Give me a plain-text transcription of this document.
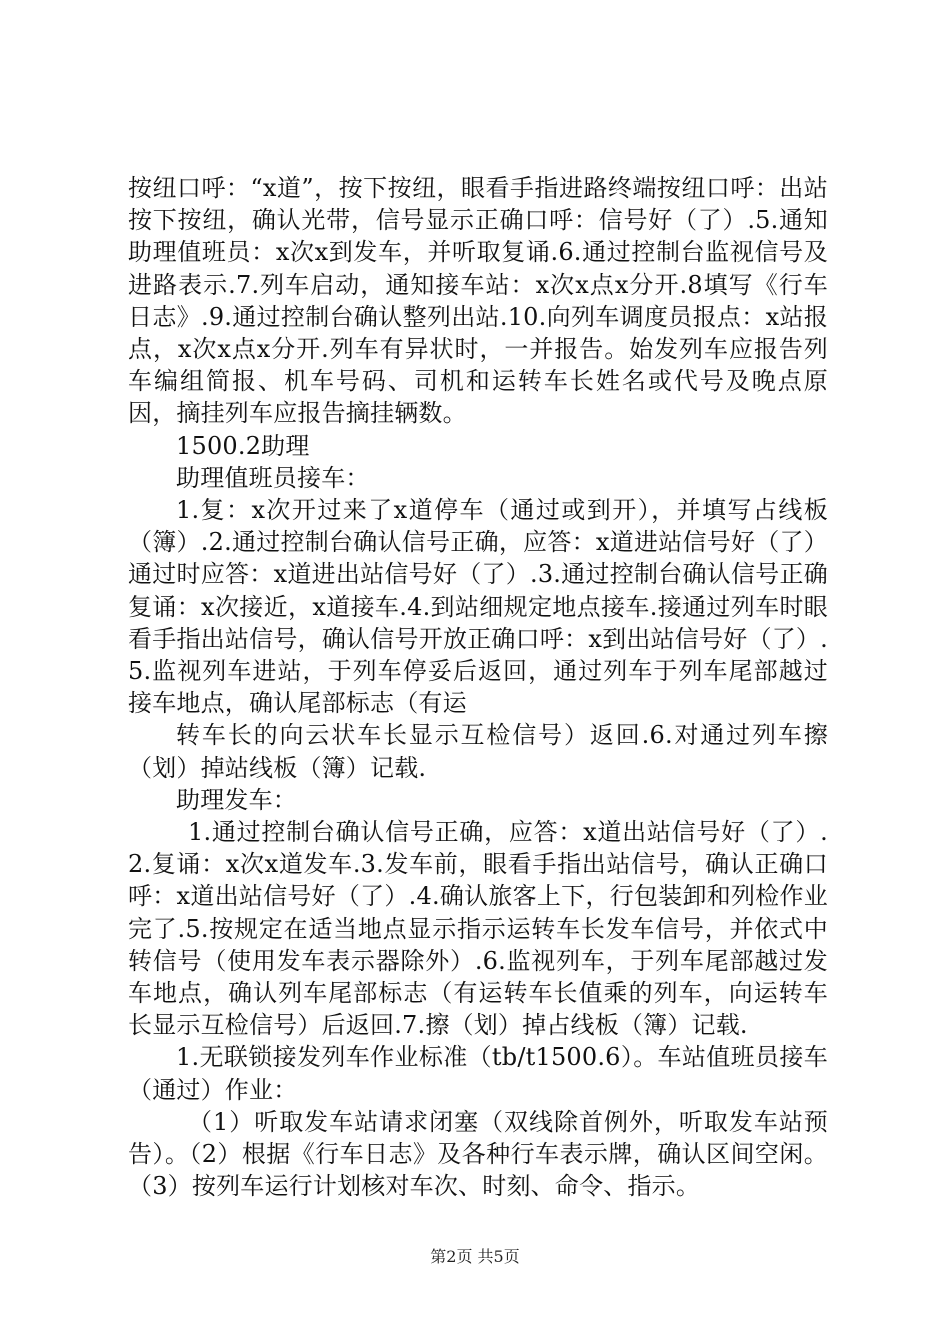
按纽口呼：“x道”，按下按纽，眼看手指进路终端按纽口呼：出站按下按纽，确认光带，信号显示正确口呼：信号好（了）.5.通知助理值班员：x次x到发车，并听取复诵.6.通过控制台监视信号及进路表示.7.列车启动，通知接车站：x次x点x分开.8填写《行车日志》.9.通过控制台确认整列出站.10.向列车调度员报点：x站报点，x次x点x分开.列车有异状时，一并报告。始发列车应报告列车编组简报、机车号码、司机和运转车长姓名或代号及晚点原因，摘挂列车应报告摘挂辆数。

1500.2助理

助理值班员接车：

1.复：x次开过来了x道停车（通过或到开），并填写占线板（簿）.2.通过控制台确认信号正确，应答：x道进站信号好（了）通过时应答：x道进出站信号好（了）.3.通过控制台确认信号正确复诵：x次接近，x道接车.4.到站细规定地点接车.接通过列车时眼看手指出站信号，确认信号开放正确口呼：x到出站信号好（了）.5.监视列车进站，于列车停妥后返回，通过列车于列车尾部越过接车地点，确认尾部标志（有运

转车长的向云状车长显示互检信号）返回.6.对通过列车擦（划）掉站线板（簿）记载.

助理发车：

1.通过控制台确认信号正确，应答：x道出站信号好（了）.2.复诵：x次x道发车.3.发车前，眼看手指出站信号，确认正确口呼：x道出站信号好（了）.4.确认旅客上下，行包装卸和列检作业完了.5.按规定在适当地点显示指示运转车长发车信号，并依式中转信号（使用发车表示器除外）.6.监视列车，于列车尾部越过发车地点，确认列车尾部标志（有运转车长值乘的列车，向运转车长显示互检信号）后返回.7.擦（划）掉占线板（簿）记载.

1.无联锁接发列车作业标准（tb/t1500.6）。车站值班员接车（通过）作业：

（1）听取发车站请求闭塞（双线除首例外，听取发车站预告）。（2）根据《行车日志》及各种行车表示牌，确认区间空闲。（3）按列车运行计划核对车次、时刻、命令、指示。

第2页 共5页
